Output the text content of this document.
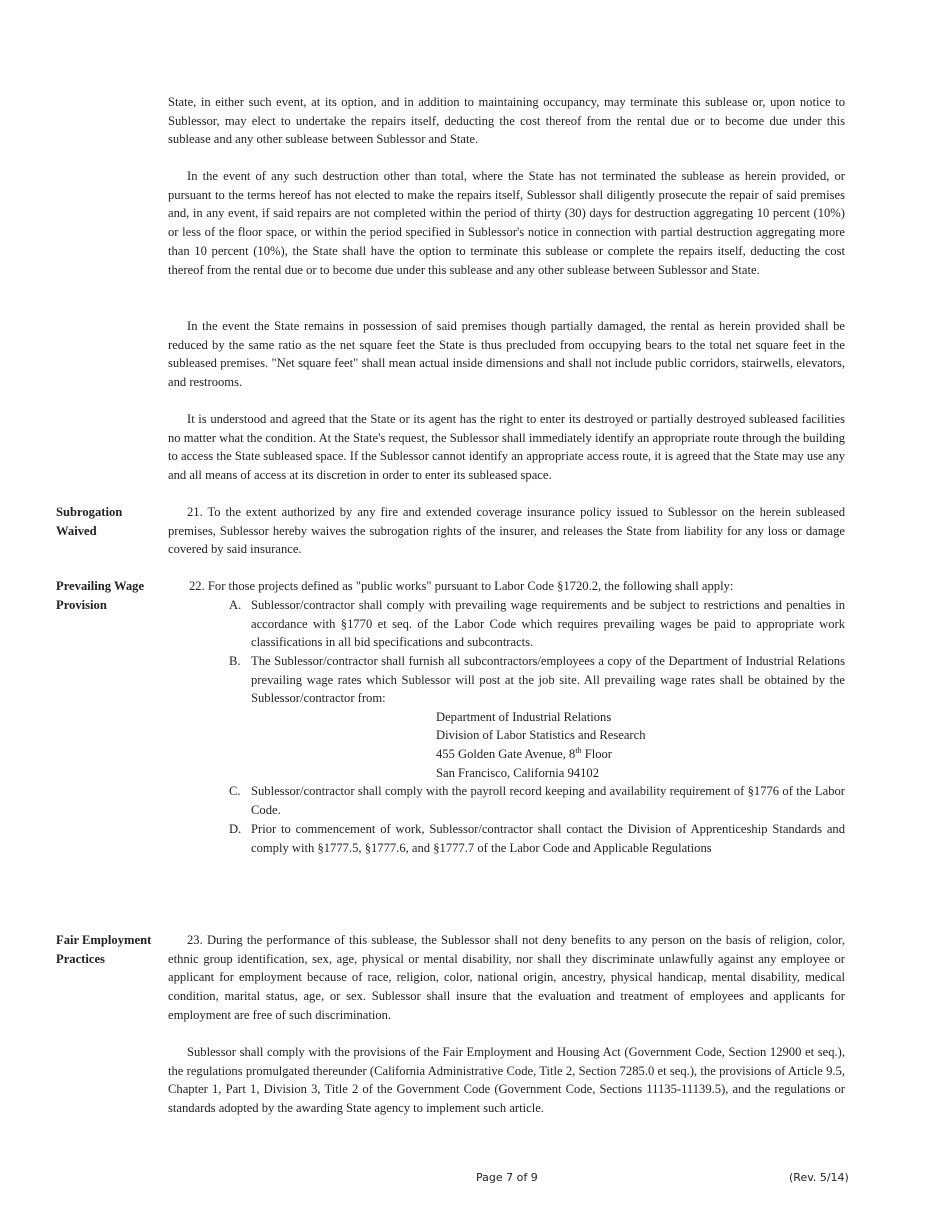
State, in either such event, at its option, and in addition to maintaining occupancy, may terminate this sublease or, upon notice to Sublessor, may elect to undertake the repairs itself, deducting the cost thereof from the rental due or to become due under this sublease and any other sublease between Sublessor and State.

In the event of any such destruction other than total, where the State has not terminated the sublease as herein provided, or pursuant to the terms hereof has not elected to make the repairs itself, Sublessor shall diligently prosecute the repair of said premises and, in any event, if said repairs are not completed within the period of thirty (30) days for destruction aggregating 10 percent (10%) or less of the floor space, or within the period specified in Sublessor's notice in connection with partial destruction aggregating more than 10 percent (10%), the State shall have the option to terminate this sublease or complete the repairs itself, deducting the cost thereof from the rental due or to become due under this sublease and any other sublease between Sublessor and State.

In the event the State remains in possession of said premises though partially damaged, the rental as herein provided shall be reduced by the same ratio as the net square feet the State is thus precluded from occupying bears to the total net square feet in the subleased premises. "Net square feet" shall mean actual inside dimensions and shall not include public corridors, stairwells, elevators, and restrooms.

It is understood and agreed that the State or its agent has the right to enter its destroyed or partially destroyed subleased facilities no matter what the condition. At the State's request, the Sublessor shall immediately identify an appropriate route through the building to access the State subleased space. If the Sublessor cannot identify an appropriate access route, it is agreed that the State may use any and all means of access at its discretion in order to enter its subleased space.

Subrogation
Waived

21. To the extent authorized by any fire and extended coverage insurance policy issued to Sublessor on the herein subleased premises, Sublessor hereby waives the subrogation rights of the insurer, and releases the State from liability for any loss or damage covered by said insurance.

Prevailing Wage
Provision

22. For those projects defined as "public works" pursuant to Labor Code §1720.2, the following shall apply:

A. Sublessor/contractor shall comply with prevailing wage requirements and be subject to restrictions and penalties in accordance with §1770 et seq. of the Labor Code which requires prevailing wages be paid to appropriate work classifications in all bid specifications and subcontracts.
B. The Sublessor/contractor shall furnish all subcontractors/employees a copy of the Department of Industrial Relations prevailing wage rates which Sublessor will post at the job site. All prevailing wage rates shall be obtained by the Sublessor/contractor from:
Department of Industrial Relations
Division of Labor Statistics and Research
455 Golden Gate Avenue, 8th Floor
San Francisco, California 94102
C. Sublessor/contractor shall comply with the payroll record keeping and availability requirement of §1776 of the Labor Code.
D. Prior to commencement of work, Sublessor/contractor shall contact the Division of Apprenticeship Standards and comply with §1777.5, §1777.6, and §1777.7 of the Labor Code and Applicable Regulations
Fair Employment
Practices

23. During the performance of this sublease, the Sublessor shall not deny benefits to any person on the basis of religion, color, ethnic group identification, sex, age, physical or mental disability, nor shall they discriminate unlawfully against any employee or applicant for employment because of race, religion, color, national origin, ancestry, physical handicap, mental disability, medical condition, marital status, age, or sex. Sublessor shall insure that the evaluation and treatment of employees and applicants for employment are free of such discrimination.

Sublessor shall comply with the provisions of the Fair Employment and Housing Act (Government Code, Section 12900 et seq.), the regulations promulgated thereunder (California Administrative Code, Title 2, Section 7285.0 et seq.), the provisions of Article 9.5, Chapter 1, Part 1, Division 3, Title 2 of the Government Code (Government Code, Sections 11135-11139.5), and the regulations or standards adopted by the awarding State agency to implement such article.

Page 7 of 9	(Rev. 5/14)
